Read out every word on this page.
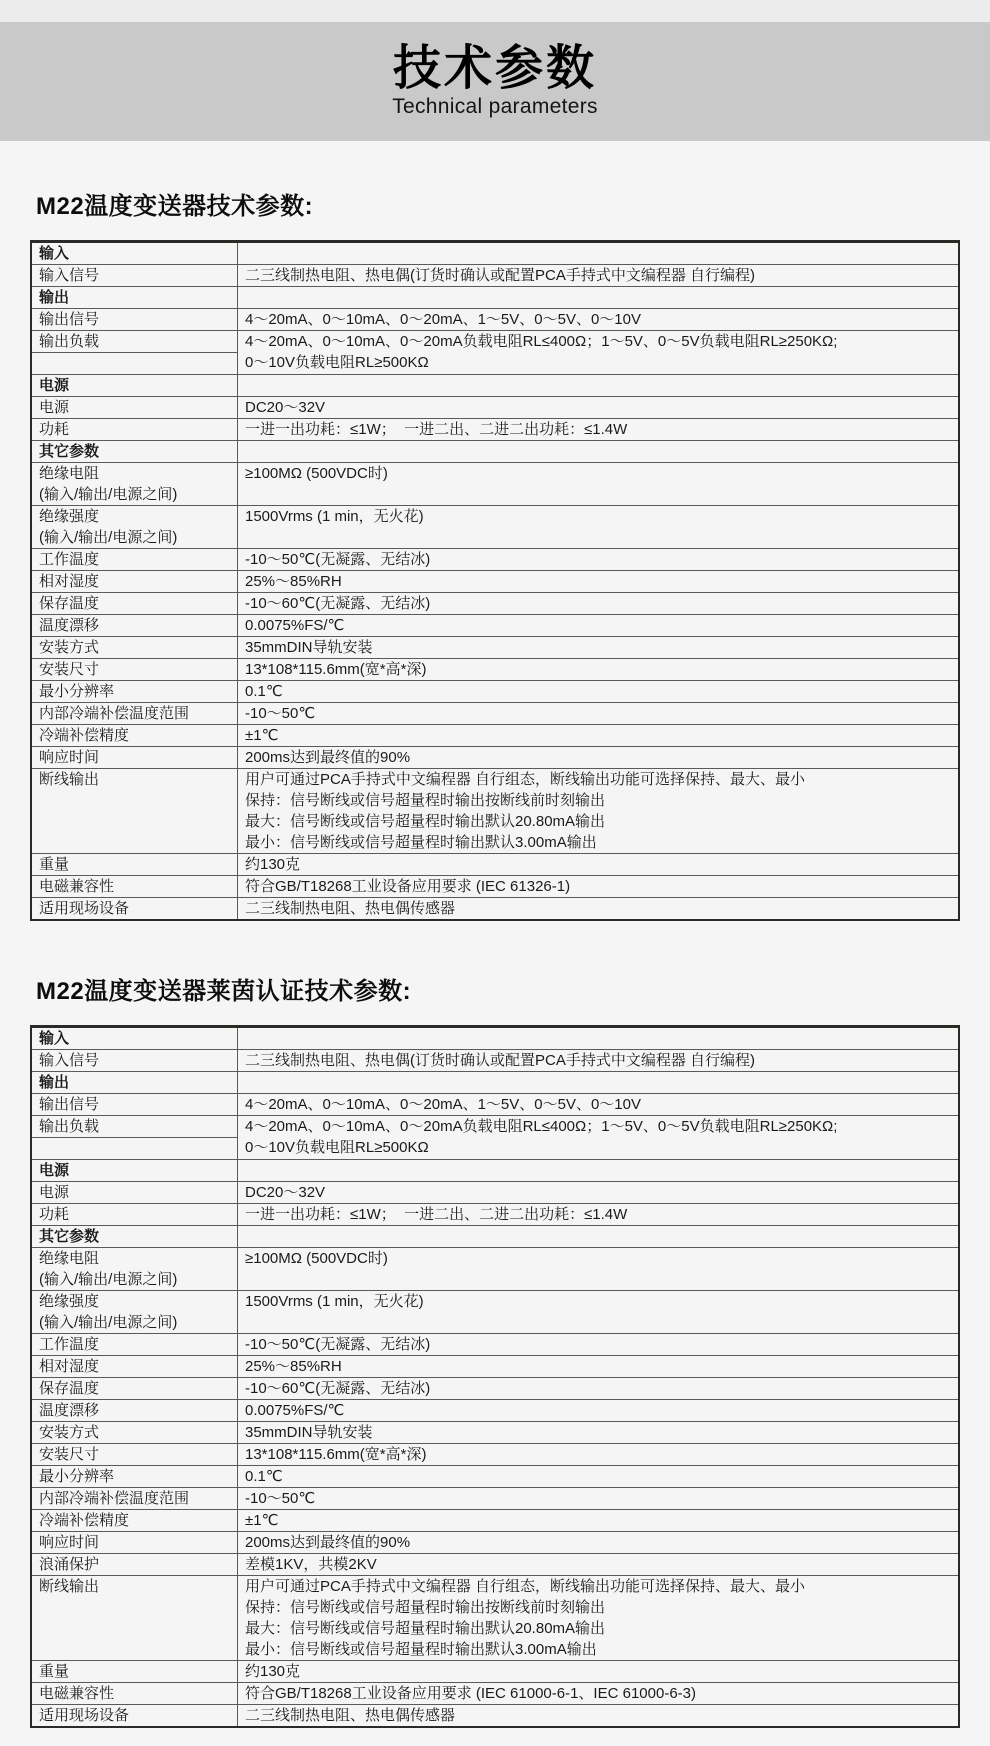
技术参数
Technical parameters
M22温度变送器技术参数:
输入	

输入信号	二三线制热电阻、热电偶(订货时确认或配置PCA手持式中文编程器 自行编程)

输出	

输出信号	4～20mA、0～10mA、0～20mA、1～5V、0～5V、0～10V

输出负载	4～20mA、0～10mA、0～20mA负载电阻RL≤400Ω；1～5V、0～5V负载电阻RL≥250KΩ;
0～10V负载电阻RL≥500KΩ

电源	

电源	DC20～32V

功耗	一进一出功耗：≤1W；  一进二出、二进二出功耗：≤1.4W

其它参数	

绝缘电阻
(输入/输出/电源之间)	≥100MΩ (500VDC时)

绝缘强度
(输入/输出/电源之间)	1500Vrms (1 min，无火花)

工作温度	-10～50℃(无凝露、无结冰)

相对湿度	25%～85%RH

保存温度	-10～60℃(无凝露、无结冰)

温度漂移	0.0075%FS/℃

安装方式	35mmDIN导轨安装

安装尺寸	13*108*115.6mm(宽*高*深)

最小分辨率	0.1℃

内部冷端补偿温度范围	-10～50℃

冷端补偿精度	±1℃

响应时间	200ms达到最终值的90%

断线输出	用户可通过PCA手持式中文编程器 自行组态，断线输出功能可选择保持、最大、最小
保持：信号断线或信号超量程时输出按断线前时刻输出
最大：信号断线或信号超量程时输出默认20.80mA输出
最小：信号断线或信号超量程时输出默认3.00mA输出

重量	约130克

电磁兼容性	符合GB/T18268工业设备应用要求 (IEC 61326-1)

适用现场设备	二三线制热电阻、热电偶传感器
M22温度变送器莱茵认证技术参数:
输入	

输入信号	二三线制热电阻、热电偶(订货时确认或配置PCA手持式中文编程器 自行编程)

输出	

输出信号	4～20mA、0～10mA、0～20mA、1～5V、0～5V、0～10V

输出负载	4～20mA、0～10mA、0～20mA负载电阻RL≤400Ω；1～5V、0～5V负载电阻RL≥250KΩ;
0～10V负载电阻RL≥500KΩ

电源	

电源	DC20～32V

功耗	一进一出功耗：≤1W；  一进二出、二进二出功耗：≤1.4W

其它参数	

绝缘电阻
(输入/输出/电源之间)	≥100MΩ (500VDC时)

绝缘强度
(输入/输出/电源之间)	1500Vrms (1 min，无火花)

工作温度	-10～50℃(无凝露、无结冰)

相对湿度	25%～85%RH

保存温度	-10～60℃(无凝露、无结冰)

温度漂移	0.0075%FS/℃

安装方式	35mmDIN导轨安装

安装尺寸	13*108*115.6mm(宽*高*深)

最小分辨率	0.1℃

内部冷端补偿温度范围	-10～50℃

冷端补偿精度	±1℃

响应时间	200ms达到最终值的90%

浪涌保护	差模1KV，共模2KV

断线输出	用户可通过PCA手持式中文编程器 自行组态，断线输出功能可选择保持、最大、最小
保持：信号断线或信号超量程时输出按断线前时刻输出
最大：信号断线或信号超量程时输出默认20.80mA输出
最小：信号断线或信号超量程时输出默认3.00mA输出

重量	约130克

电磁兼容性	符合GB/T18268工业设备应用要求 (IEC 61000-6-1、IEC 61000-6-3)

适用现场设备	二三线制热电阻、热电偶传感器
